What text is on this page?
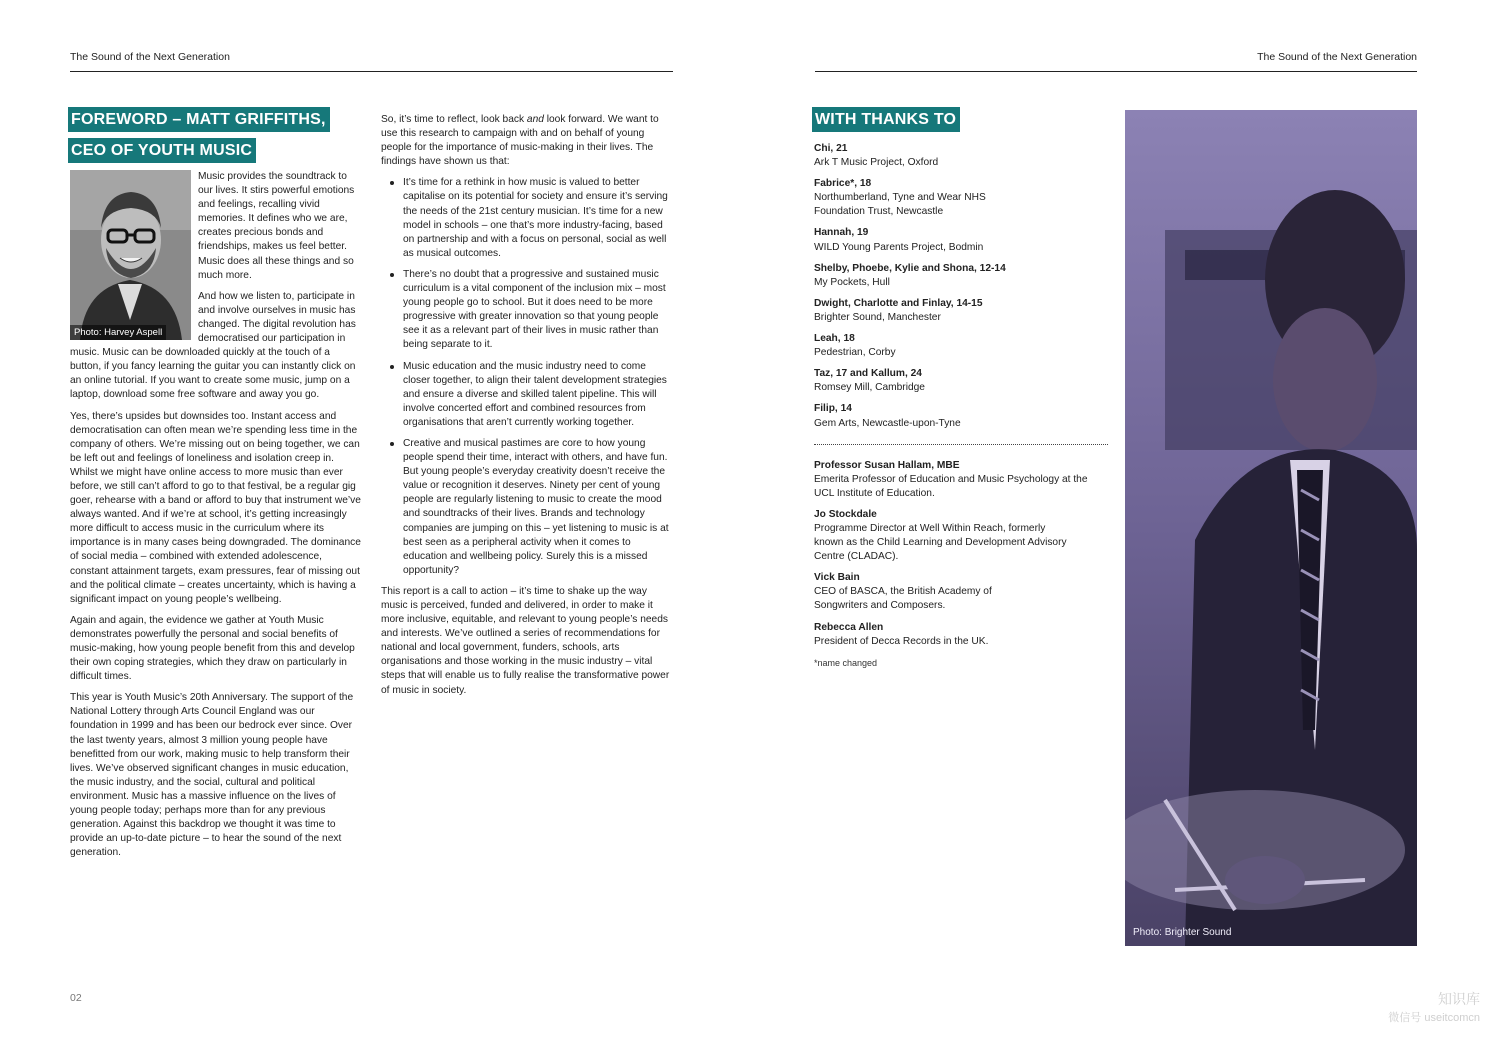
The Sound of the Next Generation
FOREWORD – MATT GRIFFITHS,
CEO OF YOUTH MUSIC
Photo: Harvey Aspell

Music provides the soundtrack to our lives. It stirs powerful emotions and feelings, recalling vivid memories. It defines who we are, creates precious bonds and friendships, makes us feel better. Music does all these things and so much more.

And how we listen to, participate in and involve ourselves in music has changed. The digital revolution has democratised our participation in music. Music can be downloaded quickly at the touch of a button, if you fancy learning the guitar you can instantly click on an online tutorial. If you want to create some music, jump on a laptop, download some free software and away you go.

Yes, there’s upsides but downsides too. Instant access and democratisation can often mean we’re spending less time in the company of others. We’re missing out on being together, we can be left out and feelings of loneliness and isolation creep in. Whilst we might have online access to more music than ever before, we still can’t afford to go to that festival, be a regular gig goer, rehearse with a band or afford to buy that instrument we’ve always wanted. And if we’re at school, it’s getting increasingly more difficult to access music in the curriculum where its importance is in many cases being downgraded. The dominance of social media – combined with extended adolescence, constant attainment targets, exam pressures, fear of missing out and the political climate – creates uncertainty, which is having a significant impact on young people’s wellbeing.

Again and again, the evidence we gather at Youth Music demonstrates powerfully the personal and social benefits of music-making, how young people benefit from this and develop their own coping strategies, which they draw on particularly in difficult times.

This year is Youth Music’s 20th Anniversary. The support of the National Lottery through Arts Council England was our foundation in 1999 and has been our bedrock ever since. Over the last twenty years, almost 3 million young people have benefitted from our work, making music to help transform their lives. We’ve observed significant changes in music education, the music industry, and the social, cultural and political environment. Music has a massive influence on the lives of young people today; perhaps more than for any previous generation. Against this backdrop we thought it was time to provide an up-to-date picture – to hear the sound of the next generation.

So, it’s time to reflect, look back and look forward. We want to use this research to campaign with and on behalf of young people for the importance of music-making in their lives. The findings have shown us that:

It’s time for a rethink in how music is valued to better capitalise on its potential for society and ensure it’s serving the needs of the 21st century musician. It’s time for a new model in schools – one that’s more industry-facing, based on partnership and with a focus on personal, social as well as musical outcomes.
There’s no doubt that a progressive and sustained music curriculum is a vital component of the inclusion mix – most young people go to school. But it does need to be more progressive with greater innovation so that young people see it as a relevant part of their lives in music rather than being separate to it.
Music education and the music industry need to come closer together, to align their talent development strategies and ensure a diverse and skilled talent pipeline. This will involve concerted effort and combined resources from organisations that aren’t currently working together.
Creative and musical pastimes are core to how young people spend their time, interact with others, and have fun. But young people’s everyday creativity doesn’t receive the value or recognition it deserves. Ninety per cent of young people are regularly listening to music to create the mood and soundtracks of their lives. Brands and technology companies are jumping on this – yet listening to music is at best seen as a peripheral activity when it comes to education and wellbeing policy. Surely this is a missed opportunity?

This report is a call to action – it’s time to shake up the way music is perceived, funded and delivered, in order to make it more inclusive, equitable, and relevant to young people’s needs and interests. We’ve outlined a series of recommendations for national and local government, funders, schools, arts organisations and those working in the music industry – vital steps that will enable us to fully realise the transformative power of music in society.

02
The Sound of the Next Generation
WITH THANKS TO
Chi, 21
Ark T Music Project, Oxford
Fabrice*, 18
Northumberland, Tyne and Wear NHS Foundation Trust, Newcastle
Hannah, 19
WILD Young Parents Project, Bodmin
Shelby, Phoebe, Kylie and Shona, 12-14
My Pockets, Hull
Dwight, Charlotte and Finlay, 14-15
Brighter Sound, Manchester
Leah, 18
Pedestrian, Corby
Taz, 17 and Kallum, 24
Romsey Mill, Cambridge
Filip, 14
Gem Arts, Newcastle-upon-Tyne
Professor Susan Hallam, MBE
Emerita Professor of Education and Music Psychology at the UCL Institute of Education.
Jo Stockdale
Programme Director at Well Within Reach, formerly known as the Child Learning and Development Advisory Centre (CLADAC).
Vick Bain
CEO of BASCA, the British Academy of Songwriters and Composers.
Rebecca Allen
President of Decca Records in the UK.
*name changed
Photo: Brighter Sound
知识库
微信号 useitcomcn
